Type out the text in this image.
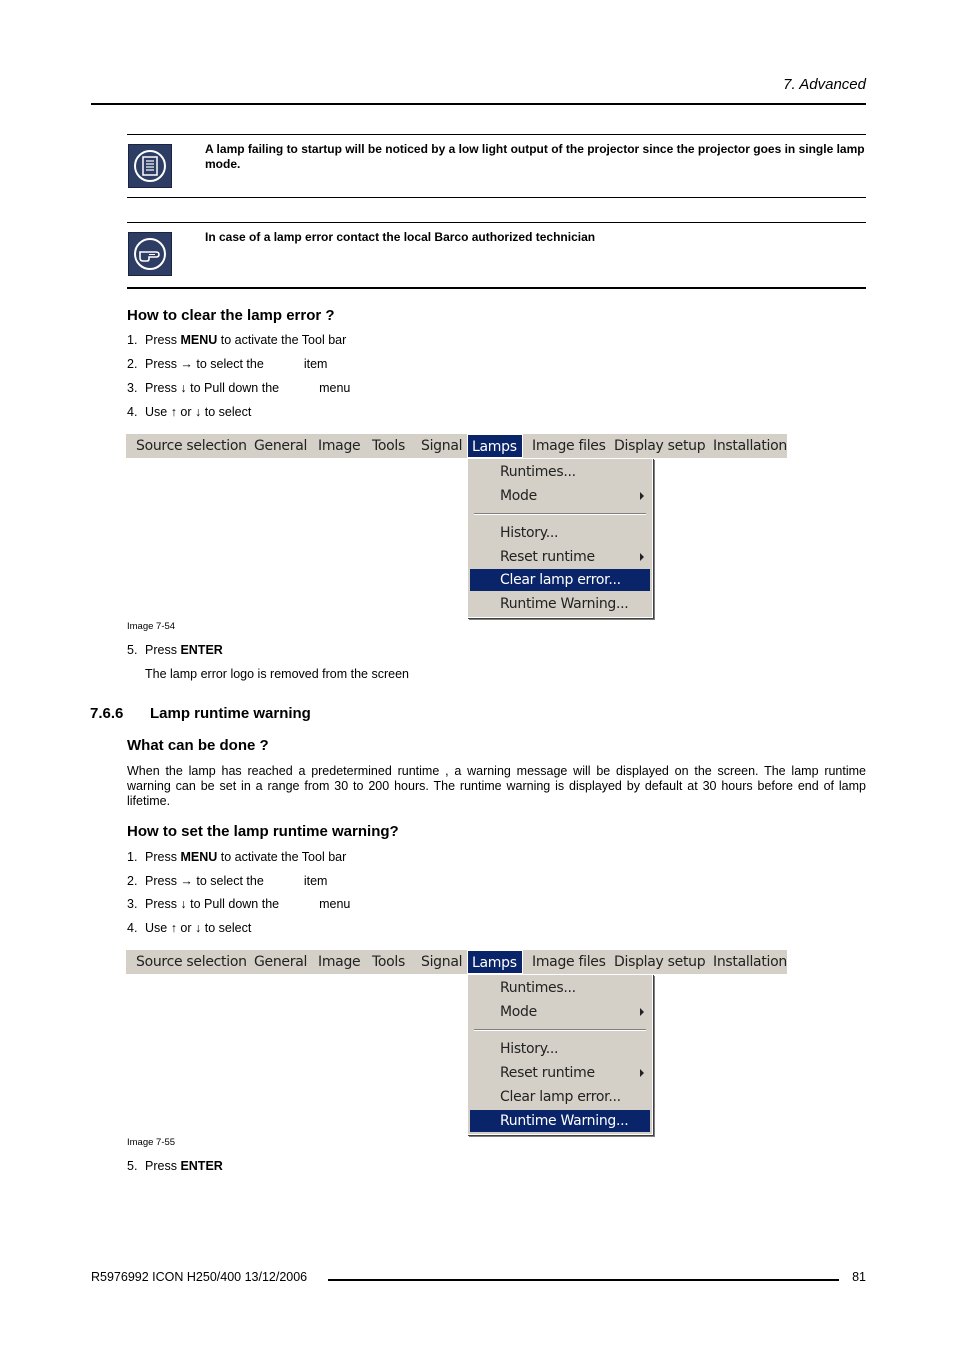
7. Advanced
A lamp failing to startup will be noticed by a low light output of the projector since the projector goes in single lamp mode.
In case of a lamp error contact the local Barco authorized technician
How to clear the lamp error ?
1. Press MENU to activate the Tool bar
2. Press → to select the	item
3. Press ↓ to Pull down the	menu
4. Use ↑ or ↓ to select
Source selection General Image Tools Signal Lamps	Image files Display setup Installation
Runtimes...
Mode
History...
Reset runtime
Clear lamp error...
Runtime Warning...
Image 7-54
5. Press ENTER
The lamp error logo is removed from the screen
7.6.6 Lamp runtime warning
What can be done ?
When the lamp has reached a predetermined runtime , a warning message will be displayed on the screen. The lamp runtime warning can be set in a range from 30 to 200 hours. The runtime warning is displayed by default at 30 hours before end of lamp lifetime.
How to set the lamp runtime warning?
1. Press MENU to activate the Tool bar
2. Press → to select the	item
3. Press ↓ to Pull down the	menu
4. Use ↑ or ↓ to select
Source selection General Image Tools Signal Lamps	Image files Display setup Installation
Runtimes...
Mode
History...
Reset runtime
Clear lamp error...
Runtime Warning...
Image 7-55
5. Press ENTER
R5976992 ICON H250/400 13/12/2006	81
